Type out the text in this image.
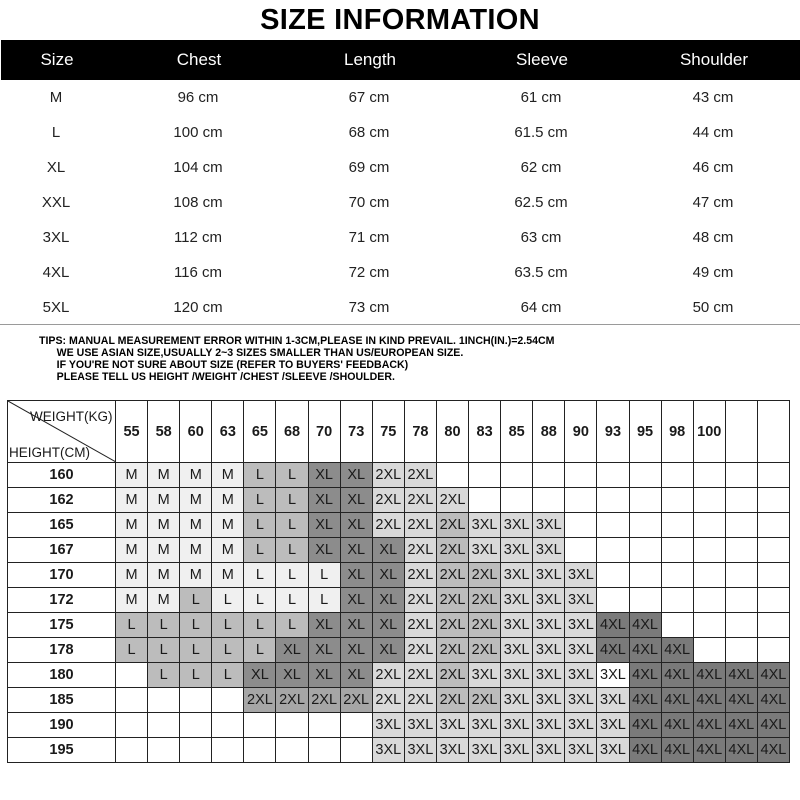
SIZE INFORMATION
Size	Chest	Length	Sleeve	Shoulder
M	96 cm	67 cm	61 cm	43 cm
L	100 cm	68 cm	61.5 cm	44 cm
XL	104 cm	69 cm	62 cm	46 cm
XXL	108 cm	70 cm	62.5 cm	47 cm
3XL	112 cm	71 cm	63 cm	48 cm
4XL	116 cm	72 cm	63.5 cm	49 cm
5XL	120 cm	73 cm	64 cm	50 cm
TIPS: MANUAL MEASUREMENT ERROR WITHIN 1-3CM,PLEASE IN KIND PREVAIL. 1INCH(IN.)=2.54CM
WE USE ASIAN SIZE,USUALLY 2~3 SIZES SMALLER THAN US/EUROPEAN SIZE.
IF YOU'RE NOT SURE ABOUT SIZE (REFER TO BUYERS' FEEDBACK)
PLEASE TELL US HEIGHT /WEIGHT /CHEST /SLEEVE /SHOULDER.
WEIGHT(KG)
HEIGHT(CM)	55	58	60	63	65	68	70	73	75	78	80	83	85	88	90	93	95	98	100		
160	M	M	M	M	L	L	XL	XL	2XL	2XL											
162	M	M	M	M	L	L	XL	XL	2XL	2XL	2XL										
165	M	M	M	M	L	L	XL	XL	2XL	2XL	2XL	3XL	3XL	3XL							
167	M	M	M	M	L	L	XL	XL	XL	2XL	2XL	3XL	3XL	3XL							
170	M	M	M	M	L	L	L	XL	XL	2XL	2XL	2XL	3XL	3XL	3XL						
172	M	M	L	L	L	L	L	XL	XL	2XL	2XL	2XL	3XL	3XL	3XL						
175	L	L	L	L	L	L	XL	XL	XL	2XL	2XL	2XL	3XL	3XL	3XL	4XL	4XL				
178	L	L	L	L	L	XL	XL	XL	XL	2XL	2XL	2XL	3XL	3XL	3XL	4XL	4XL	4XL			
180		L	L	L	XL	XL	XL	XL	2XL	2XL	2XL	3XL	3XL	3XL	3XL	3XL	4XL	4XL	4XL	4XL	4XL
185					2XL	2XL	2XL	2XL	2XL	2XL	2XL	2XL	3XL	3XL	3XL	3XL	4XL	4XL	4XL	4XL	4XL
190									3XL	3XL	3XL	3XL	3XL	3XL	3XL	3XL	4XL	4XL	4XL	4XL	4XL
195									3XL	3XL	3XL	3XL	3XL	3XL	3XL	3XL	4XL	4XL	4XL	4XL	4XL
